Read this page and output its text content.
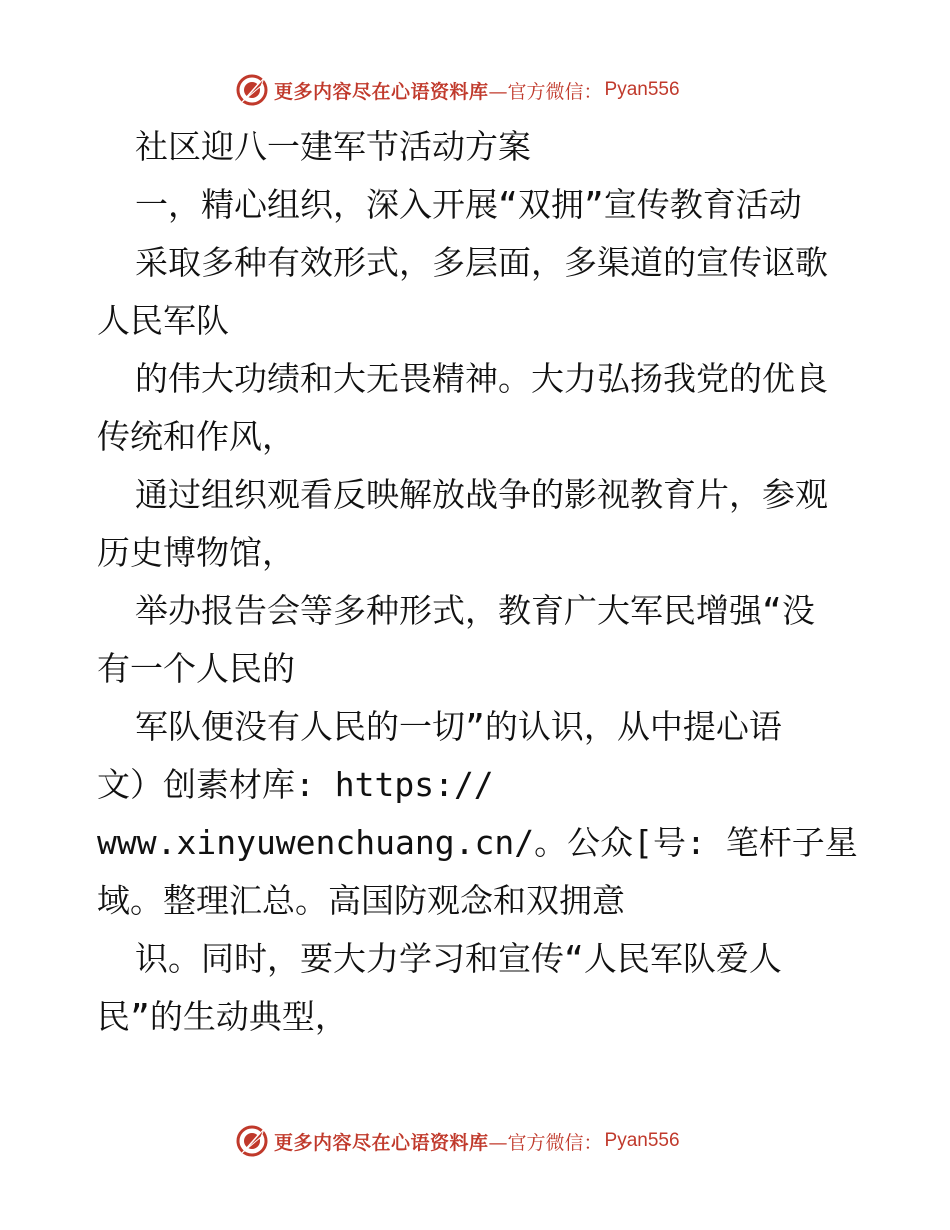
更多内容尽在心语资料库 —官方微信： Pyan556
社区迎八一建军节活动方案
一，精心组织，深入开展“双拥”宣传教育活动
采取多种有效形式，多层面，多渠道的宣传讴歌
人民军队
的伟大功绩和大无畏精神。大力弘扬我党的优良
传统和作风，
通过组织观看反映解放战争的影视教育片，参观
历史博物馆，
举办报告会等多种形式，教育广大军民增强“没
有一个人民的
军队便没有人民的一切”的认识，从中提心语
文）创素材库: https://
www.xinyuwenchuang.cn/。公众[号: 笔杆子星
域。整理汇总。高国防观念和双拥意
识。同时，要大力学习和宣传“人民军队爱人
民”的生动典型，
更多内容尽在心语资料库 —官方微信： Pyan556
